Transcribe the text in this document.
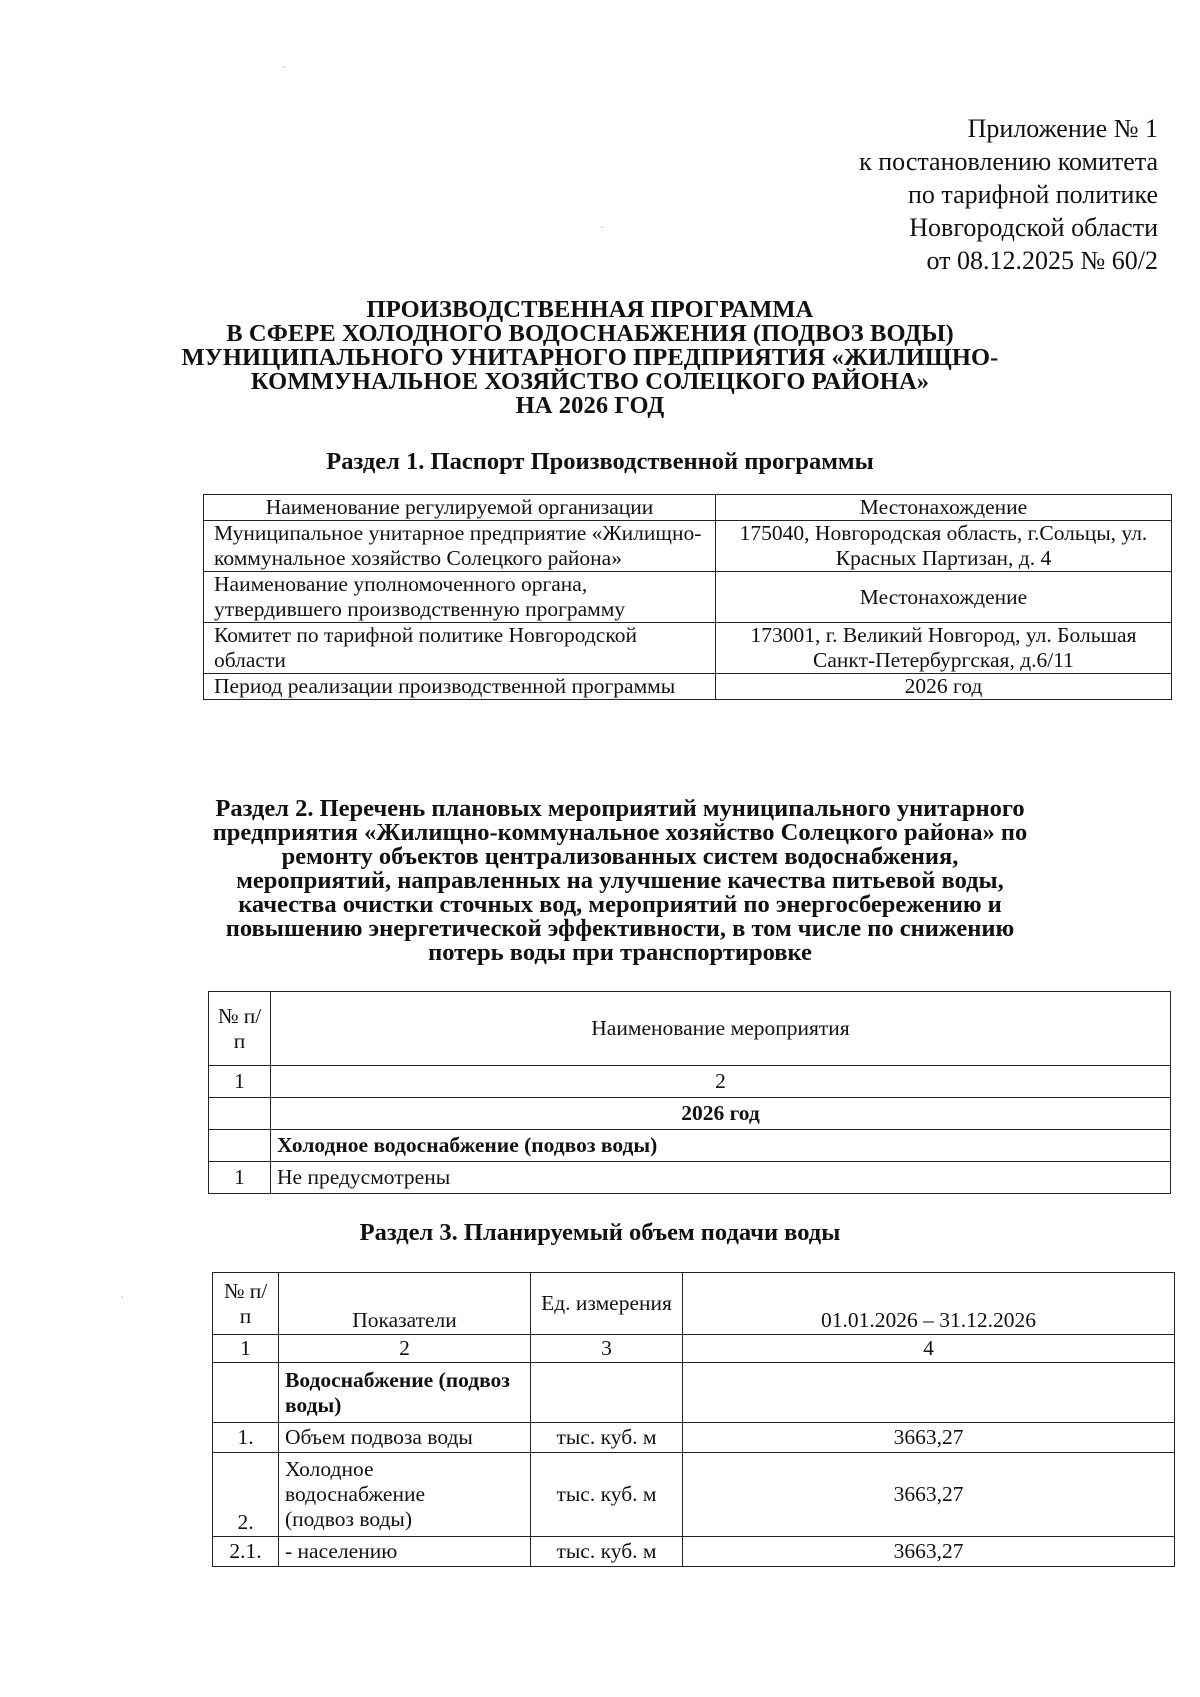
Приложение № 1
к постановлению комитета
по тарифной политике
Новгородской области
от 08.12.2025 № 60/2
ПРОИЗВОДСТВЕННАЯ ПРОГРАММА
В СФЕРЕ ХОЛОДНОГО ВОДОСНАБЖЕНИЯ (ПОДВОЗ ВОДЫ)
МУНИЦИПАЛЬНОГО УНИТАРНОГО ПРЕДПРИЯТИЯ «ЖИЛИЩНО-
КОММУНАЛЬНОЕ ХОЗЯЙСТВО СОЛЕЦКОГО РАЙОНА»
НА 2026 ГОД
Раздел 1. Паспорт Производственной программы
Наименование регулируемой организации	Местонахождение
Муниципальное унитарное предприятие «Жилищно-коммунальное хозяйство Солецкого района»	175040, Новгородская область, г.Сольцы, ул. Красных Партизан, д. 4
Наименование уполномоченного органа, утвердившего производственную программу	Местонахождение
Комитет по тарифной политике Новгородской области	173001, г. Великий Новгород, ул. Большая Санкт-Петербургская, д.6/11
Период реализации производственной программы	2026 год
Раздел 2. Перечень плановых мероприятий муниципального унитарного
предприятия «Жилищно-коммунальное хозяйство Солецкого района» по
ремонту объектов централизованных систем водоснабжения,
мероприятий, направленных на улучшение качества питьевой воды,
качества очистки сточных вод, мероприятий по энергосбережению и
повышению энергетической эффективности, в том числе по снижению
потерь воды при транспортировке
№ п/п	Наименование мероприятия
1	2
	2026 год
	Холодное водоснабжение (подвоз воды)
1	Не предусмотрены
Раздел 3. Планируемый объем подачи воды
№ п/п	Показатели	Ед. измерения	01.01.2026 – 31.12.2026
1	2	3	4
	Водоснабжение (подвоз воды)		
1.	Объем подвоза воды	тыс. куб. м	3663,27
2.	Холодное водоснабжение (подвоз воды)	тыс. куб. м	3663,27
2.1.	- населению	тыс. куб. м	3663,27
·
·
·
